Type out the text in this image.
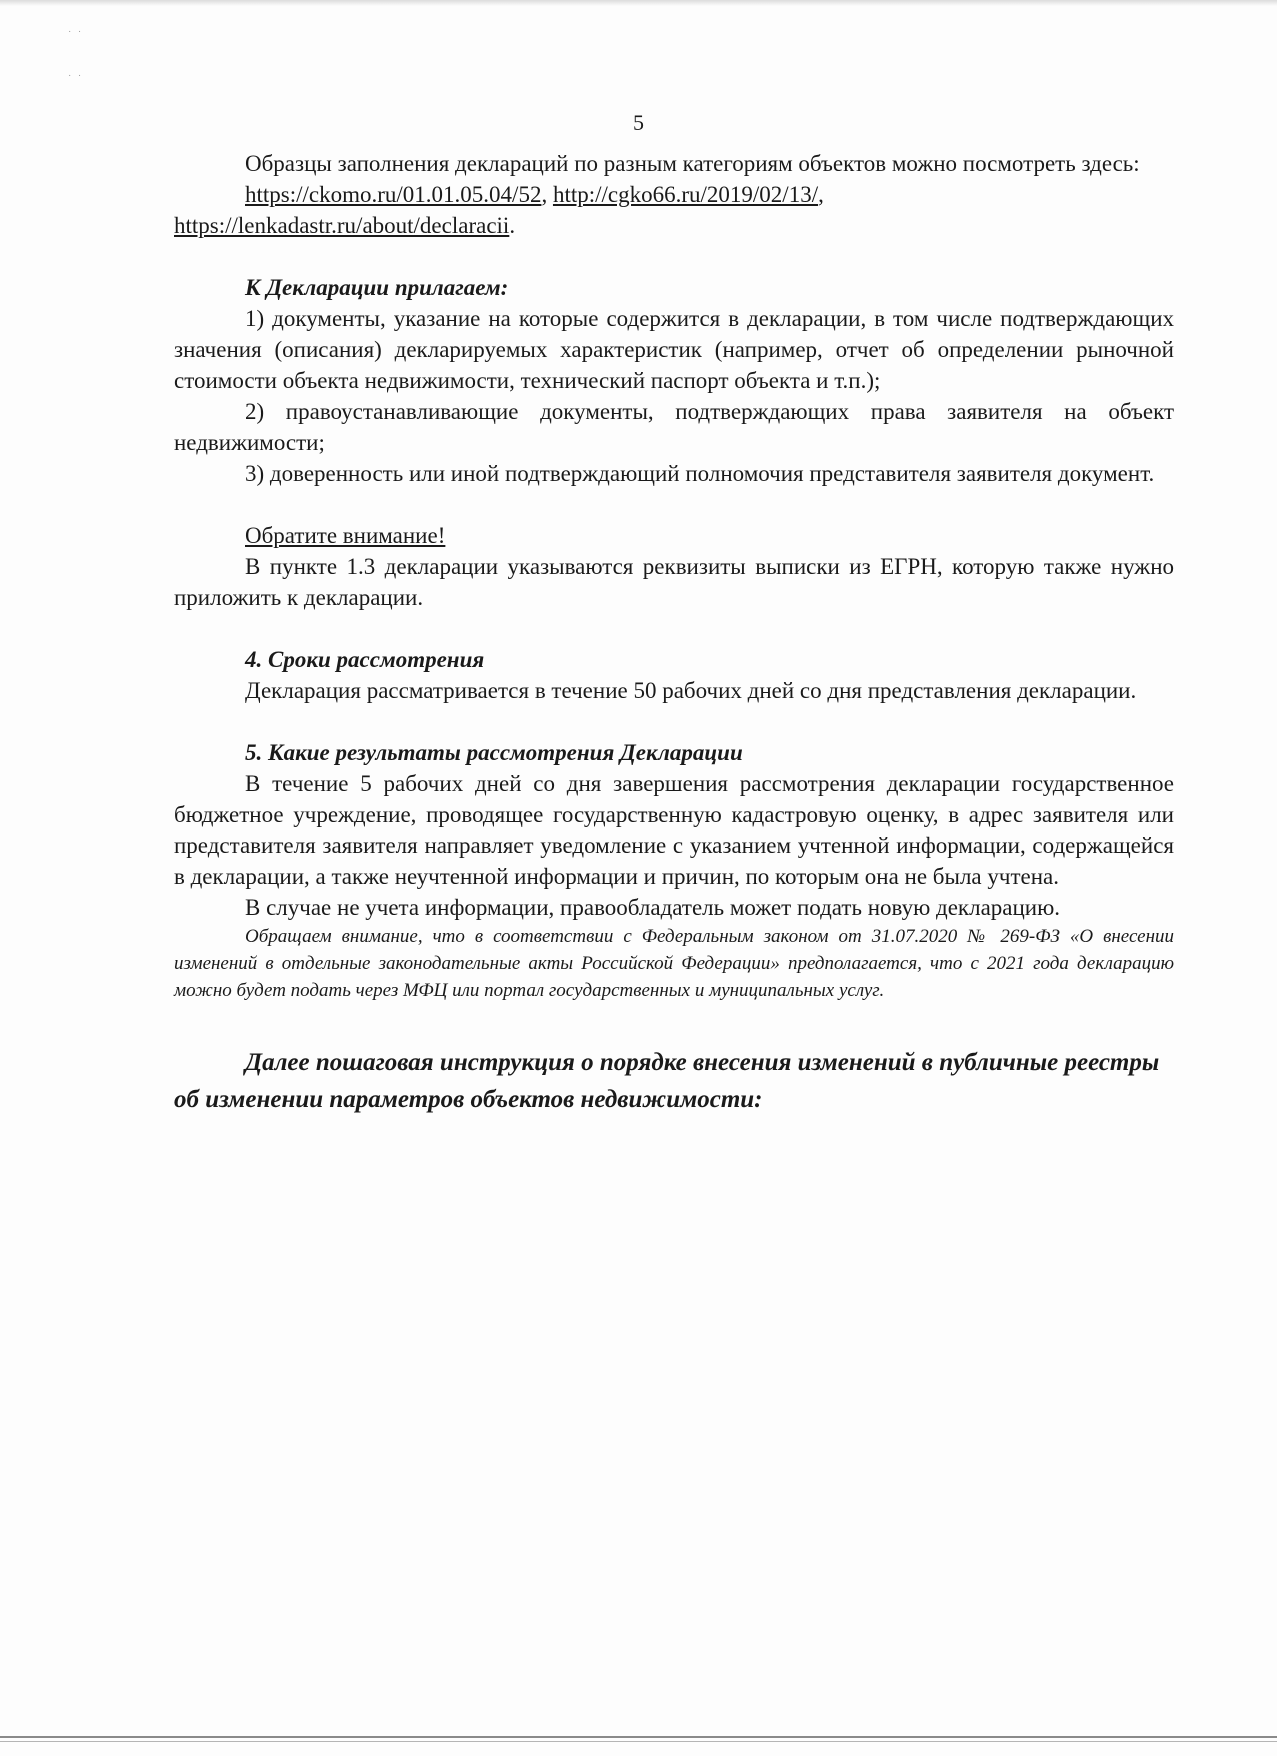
˙ ˙
˙ ˙
5

Образцы заполнения деклараций по разным категориям объектов можно посмотреть здесь:

https://ckomo.ru/01.01.05.04/52, http://cgko66.ru/2019/02/13/,

https://lenkadastr.ru/about/declaracii.

К Декларации прилагаем:

1) документы, указание на которые содержится в декларации, в том числе подтверждающих значения (описания) декларируемых характеристик (например, отчет об определении рыночной стоимости объекта недвижимости, технический паспорт объекта и т.п.);

2) правоустанавливающие документы, подтверждающих права заявителя на объект недвижимости;

3) доверенность или иной подтверждающий полномочия представителя заявителя документ.

Обратите внимание!

В пункте 1.3 декларации указываются реквизиты выписки из ЕГРН, которую также нужно приложить к декларации.

4. Сроки рассмотрения

Декларация рассматривается в течение 50 рабочих дней со дня представления декларации.

5. Какие результаты рассмотрения Декларации

В течение 5 рабочих дней со дня завершения рассмотрения декларации государственное бюджетное учреждение, проводящее государственную кадастровую оценку, в адрес заявителя или представителя заявителя направляет уведомление с указанием учтенной информации, содержащейся в декларации, а также неучтенной информации и причин, по которым она не была учтена.

В случае не учета информации, правообладатель может подать новую декларацию.

Обращаем внимание, что в соответствии с Федеральным законом от 31.07.2020 № 269-ФЗ «О внесении изменений в отдельные законодательные акты Российской Федерации» предполагается, что с 2021 года декларацию можно будет подать через МФЦ или портал государственных и муниципальных услуг.

Далее пошаговая инструкция о порядке внесения изменений в публичные реестры об изменении параметров объектов недвижимости:
